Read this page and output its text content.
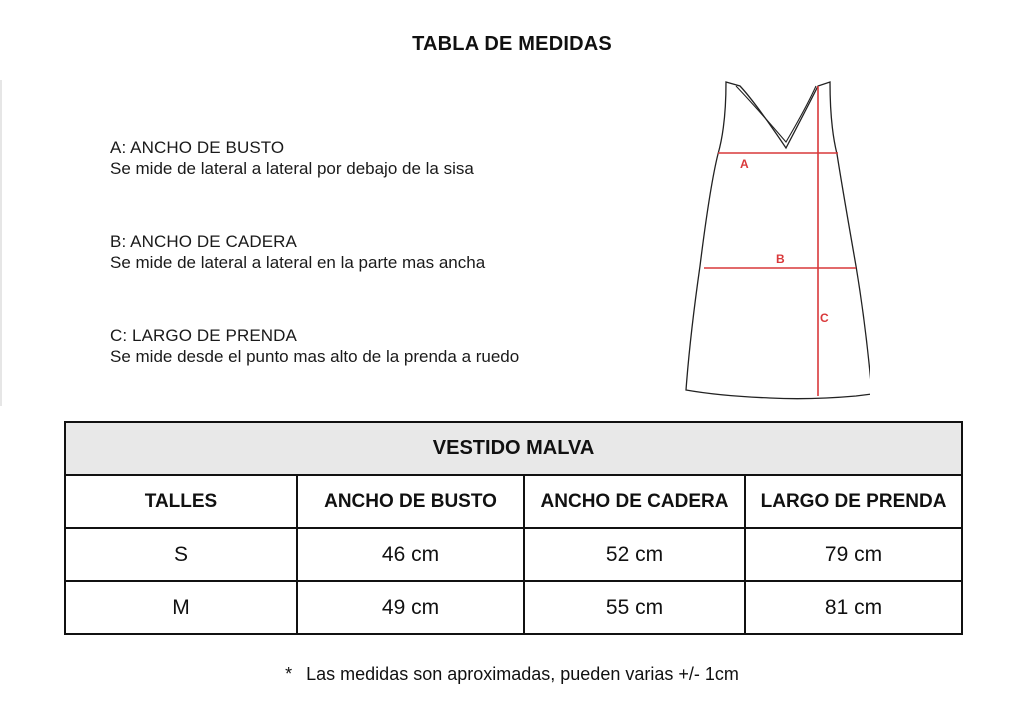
TABLA DE MEDIDAS
A: ANCHO DE BUSTO
Se mide de lateral a lateral por debajo de la sisa
B: ANCHO DE CADERA
Se mide de lateral a lateral en la parte mas ancha
C: LARGO DE PRENDA
Se mide desde el punto mas alto de la prenda a ruedo
A
B
C
VESTIDO MALVA			
TALLES	ANCHO DE BUSTO	ANCHO DE CADERA	LARGO DE PRENDA
S	46 cm	52 cm	79 cm
M	49 cm	55 cm	81 cm
* Las medidas son aproximadas, pueden varias +/- 1cm
